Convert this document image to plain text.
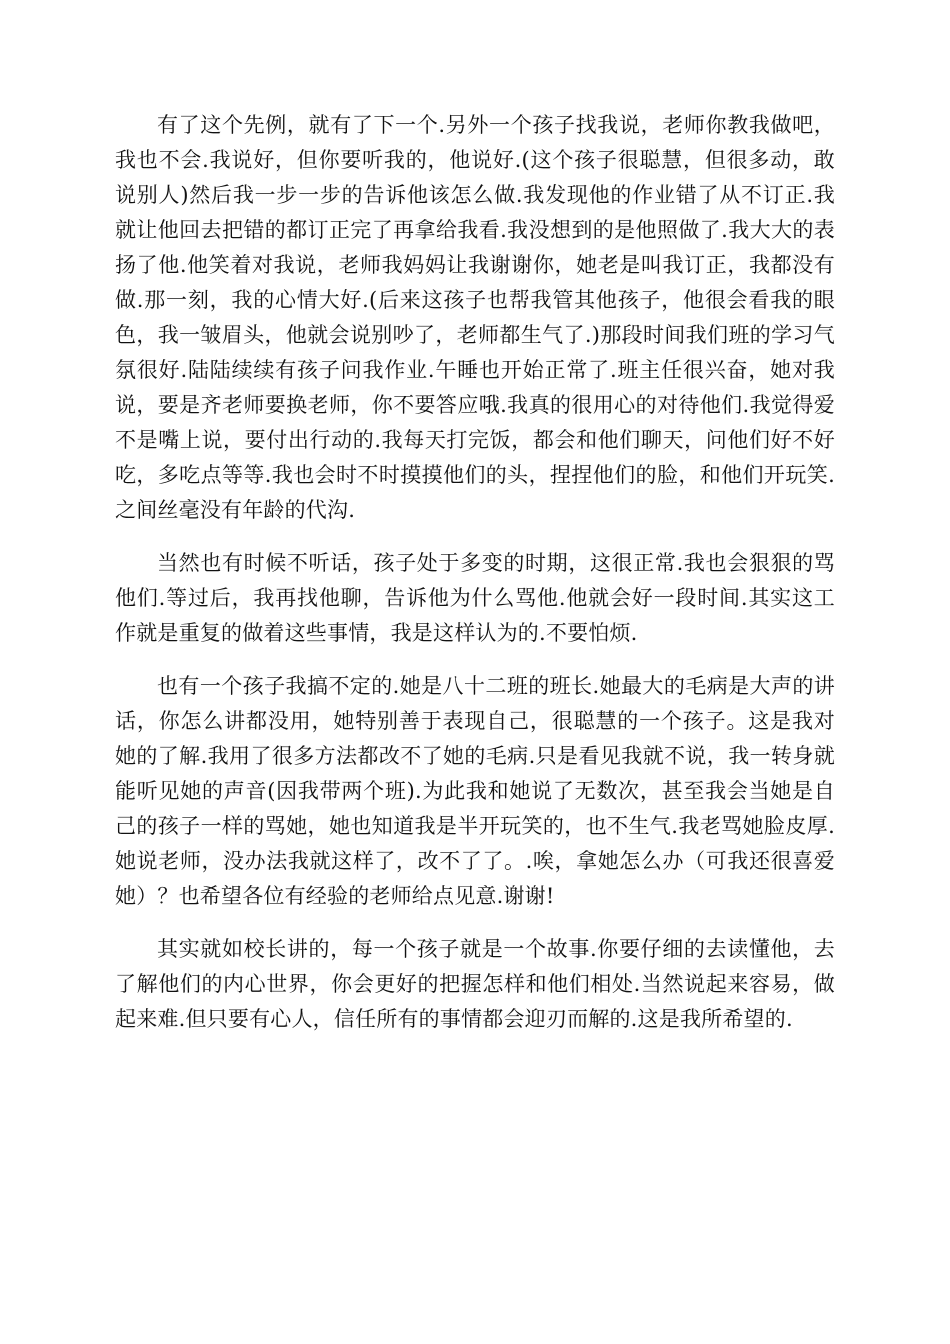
有了这个先例，就有了下一个.另外一个孩子找我说，老师你教我做吧，我也不会.我说好，但你要听我的，他说好.(这个孩子很聪慧，但很多动，敢说别人)然后我一步一步的告诉他该怎么做.我发现他的作业错了从不订正.我就让他回去把错的都订正完了再拿给我看.我没想到的是他照做了.我大大的表扬了他.他笑着对我说，老师我妈妈让我谢谢你，她老是叫我订正，我都没有做.那一刻，我的心情大好.(后来这孩子也帮我管其他孩子，他很会看我的眼色，我一皱眉头，他就会说别吵了，老师都生气了.)那段时间我们班的学习气氛很好.陆陆续续有孩子问我作业.午睡也开始正常了.班主任很兴奋，她对我说，要是齐老师要换老师，你不要答应哦.我真的很用心的对待他们.我觉得爱不是嘴上说，要付出行动的.我每天打完饭，都会和他们聊天，问他们好不好吃，多吃点等等.我也会时不时摸摸他们的头，捏捏他们的脸，和他们开玩笑.之间丝毫没有年龄的代沟.

当然也有时候不听话，孩子处于多变的时期，这很正常.我也会狠狠的骂他们.等过后，我再找他聊，告诉他为什么骂他.他就会好一段时间.其实这工作就是重复的做着这些事情，我是这样认为的.不要怕烦.

也有一个孩子我搞不定的.她是八十二班的班长.她最大的毛病是大声的讲话，你怎么讲都没用，她特别善于表现自己，很聪慧的一个孩子。这是我对她的了解.我用了很多方法都改不了她的毛病.只是看见我就不说，我一转身就能听见她的声音(因我带两个班).为此我和她说了无数次，甚至我会当她是自己的孩子一样的骂她，她也知道我是半开玩笑的，也不生气.我老骂她脸皮厚.她说老师，没办法我就这样了，改不了了。.唉，拿她怎么办（可我还很喜爱她）？也希望各位有经验的老师给点见意.谢谢!

其实就如校长讲的，每一个孩子就是一个故事.你要仔细的去读懂他，去了解他们的内心世界，你会更好的把握怎样和他们相处.当然说起来容易，做起来难.但只要有心人，信任所有的事情都会迎刃而解的.这是我所希望的.
